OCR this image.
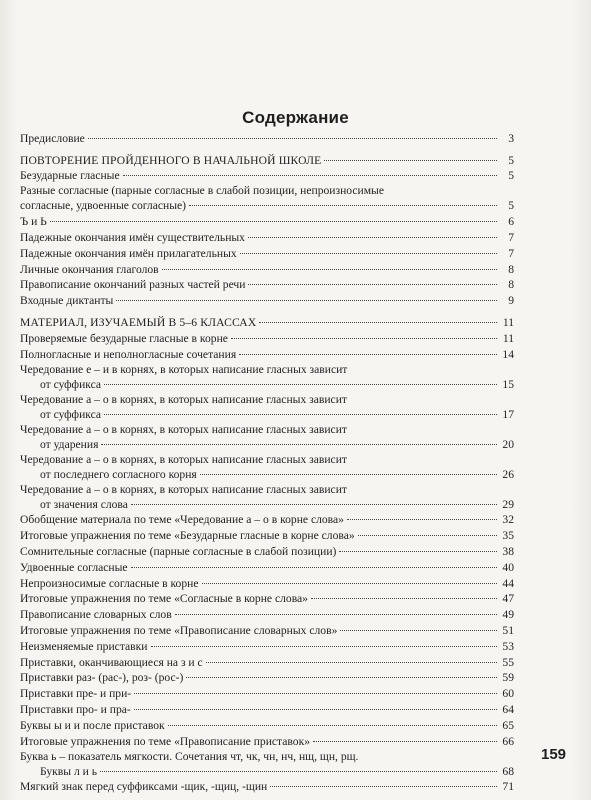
Содержание
Предисловие	3
ПОВТОРЕНИЕ ПРОЙДЕННОГО В НАЧАЛЬНОЙ ШКОЛЕ	5
Безударные гласные	5
Разные согласные (парные согласные в слабой позиции, непроизносимые
согласные, удвоенные согласные)	5
Ъ и Ь	6
Падежные окончания имён существительных	7
Падежные окончания имён прилагательных	7
Личные окончания глаголов	8
Правописание окончаний разных частей речи	8
Входные диктанты	9
МАТЕРИАЛ, ИЗУЧАЕМЫЙ В 5–6 КЛАССАХ	11
Проверяемые безударные гласные в корне	11
Полногласные и неполногласные сочетания	14
Чередование е – и в корнях, в которых написание гласных зависит
от суффикса	15
Чередование а – о в корнях, в которых написание гласных зависит
от суффикса	17
Чередование а – о в корнях, в которых написание гласных зависит
от ударения	20
Чередование а – о в корнях, в которых написание гласных зависит
от последнего согласного корня	26
Чередование а – о в корнях, в которых написание гласных зависит
от значения слова	29
Обобщение материала по теме «Чередование а – о в корне слова»	32
Итоговые упражнения по теме «Безударные гласные в корне слова»	35
Сомнительные согласные (парные согласные в слабой позиции)	38
Удвоенные согласные	40
Непроизносимые согласные в корне	44
Итоговые упражнения по теме «Согласные в корне слова»	47
Правописание словарных слов	49
Итоговые упражнения по теме «Правописание словарных слов»	51
Неизменяемые приставки	53
Приставки, оканчивающиеся на з и с	55
Приставки раз- (рас-), роз- (рос-)	59
Приставки пре- и при-	60
Приставки про- и пра-	64
Буквы ы и и после приставок	65
Итоговые упражнения по теме «Правописание приставок»	66
Буква ь – показатель мягкости. Сочетания чт, чк, чн, нч, нщ, щн, рщ.
Буквы л и ь	68
Мягкий знак перед суффиксами -щик, -щиц, -щин	71
159
